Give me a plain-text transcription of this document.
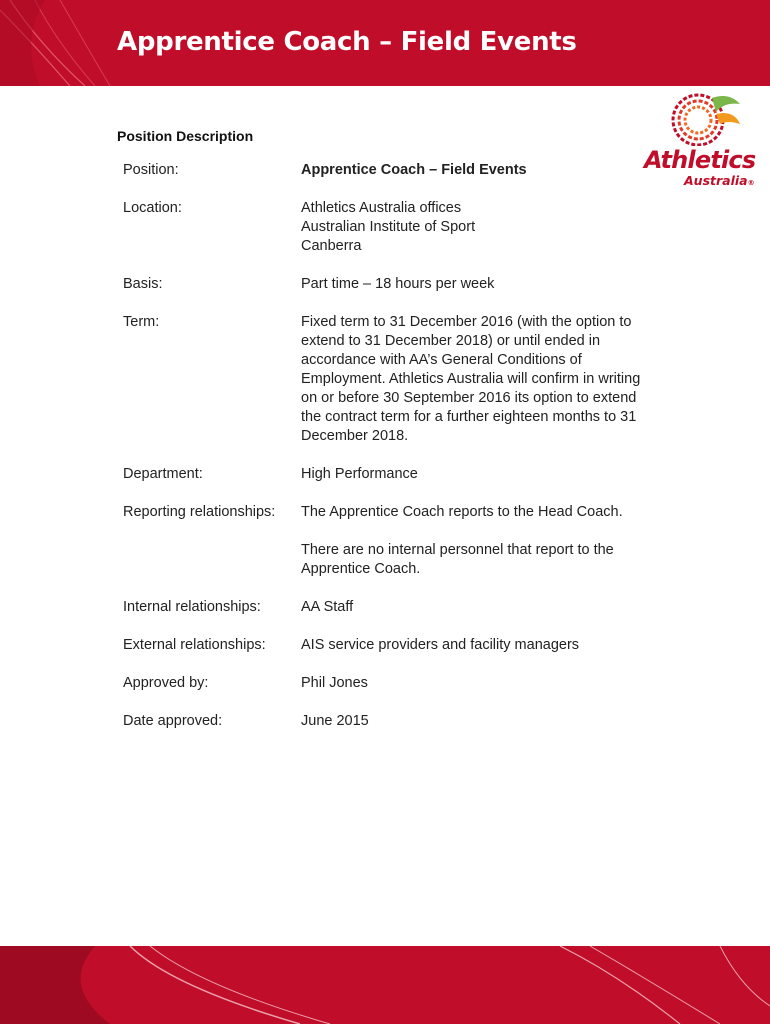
Apprentice Coach – Field Events
Athletics
Australia®
Position Description
Position:	Apprentice Coach – Field Events

Location:	Athletics Australia offices
Australian Institute of Sport
Canberra

Basis:	Part time – 18 hours per week

Term:	Fixed term to 31 December 2016 (with the option to extend to 31 December 2018) or until ended in accordance with AA’s General Conditions of Employment. Athletics Australia will confirm in writing on or before 30 September 2016 its option to extend the contract term for a further eighteen months to 31 December 2018.

Department:	High Performance

Reporting relationships:	The Apprentice Coach reports to the Head Coach.

There are no internal personnel that report to the Apprentice Coach.

Internal relationships:	AA Staff

External relationships:	AIS service providers and facility managers

Approved by:	Phil Jones

Date approved:	June 2015
